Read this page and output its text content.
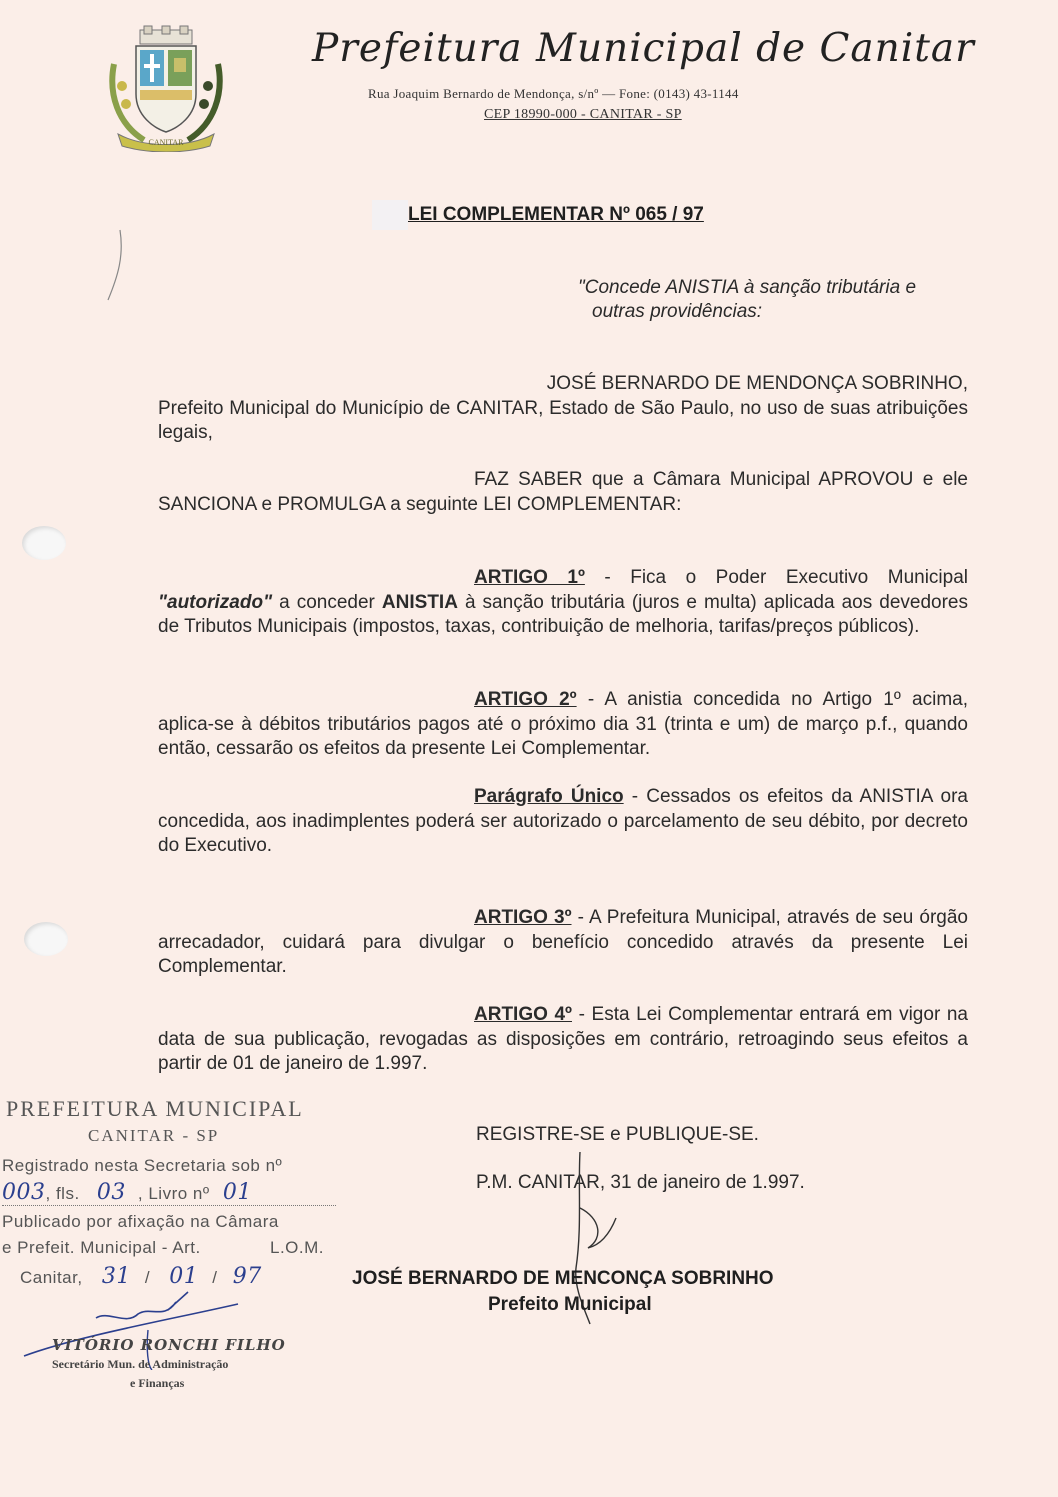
CANITAR
Prefeitura Municipal de Canitar
Rua Joaquim Bernardo de Mendonça, s/nº — Fone: (0143) 43-1144
CEP 18990-000 - CANITAR - SP
LEI COMPLEMENTAR Nº 065 / 97
"Concede ANISTIA à sanção tributária e
outras providências:
JOSÉ BERNARDO DE MENDONÇA SOBRINHO,
Prefeito Municipal do Município de CANITAR, Estado de São Paulo, no uso de suas atribuições legais,
FAZ SABER que a Câmara Municipal APROVOU e ele SANCIONA e PROMULGA a seguinte LEI COMPLEMENTAR:
ARTIGO 1º - Fica o Poder Executivo Municipal "autorizado" a conceder ANISTIA à sanção tributária (juros e multa) aplicada aos devedores de Tributos Municipais (impostos, taxas, contribuição de melhoria, tarifas/preços públicos).
ARTIGO 2º - A anistia concedida no Artigo 1º acima, aplica-se à débitos tributários pagos até o próximo dia 31 (trinta e um) de março p.f., quando então, cessarão os efeitos da presente Lei Complementar.
Parágrafo Único - Cessados os efeitos da ANISTIA ora concedida, aos inadimplentes poderá ser autorizado o parcelamento de seu débito, por decreto do Executivo.
ARTIGO 3º - A Prefeitura Municipal, através de seu órgão arrecadador, cuidará para divulgar o benefício concedido através da presente Lei Complementar.
ARTIGO 4º - Esta Lei Complementar entrará em vigor na data de sua publicação, revogadas as disposições em contrário, retroagindo seus efeitos a partir de 01 de janeiro de 1.997.
REGISTRE-SE e PUBLIQUE-SE.
P.M. CANITAR, 31 de janeiro de 1.997.
JOSÉ BERNARDO DE MENCONÇA SOBRINHO
Prefeito Municipal
PREFEITURA MUNICIPAL
CANITAR - SP
Registrado nesta Secretaria sob nº
003, fls. 03 , Livro nº 01
Publicado por afixação na Câmara
e Prefeit. Municipal - Art.	L.O.M.
Canitar, 31 / 01 / 97
VITÓRIO RONCHI FILHO
Secretário Mun. de Administração
e Finanças
